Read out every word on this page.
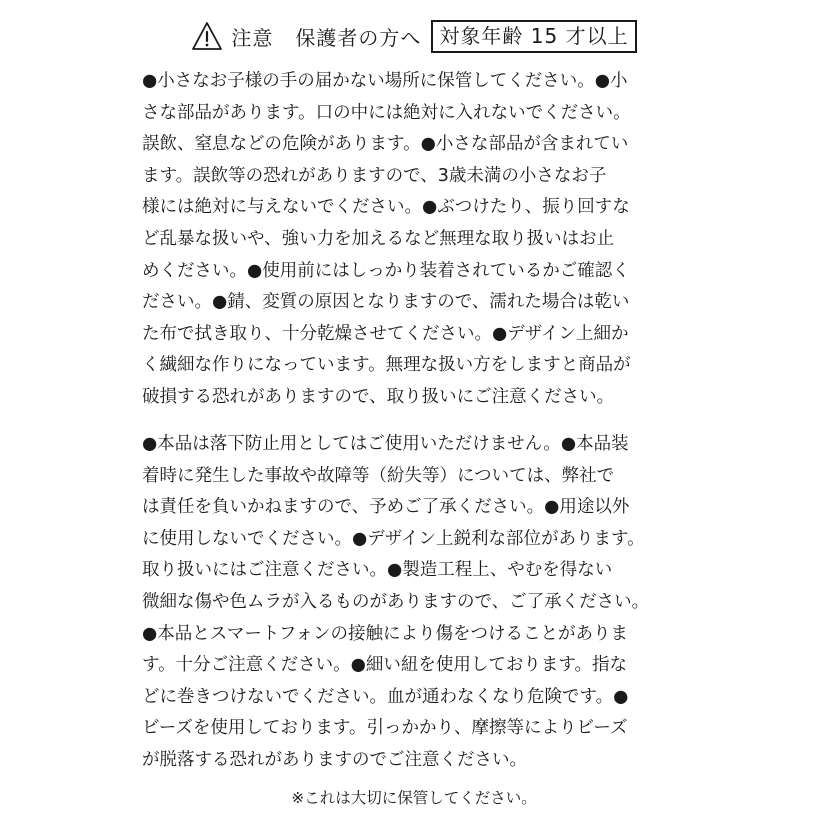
注意 保護者の方へ 対象年齢 15 才以上
●小さなお子様の手の届かない場所に保管してください。●小
さな部品があります。口の中には絶対に入れないでください。
誤飲、窒息などの危険があります。●小さな部品が含まれてい
ます。誤飲等の恐れがありますので、3歳未満の小さなお子
様には絶対に与えないでください。●ぶつけたり、振り回すな
ど乱暴な扱いや、強い力を加えるなど無理な取り扱いはお止
めください。●使用前にはしっかり装着されているかご確認く
ださい。●錆、変質の原因となりますので、濡れた場合は乾い
た布で拭き取り、十分乾燥させてください。●デザイン上細か
く繊細な作りになっています。無理な扱い方をしますと商品が
破損する恐れがありますので、取り扱いにご注意ください。
●本品は落下防止用としてはご使用いただけません。●本品装
着時に発生した事故や故障等（紛失等）については、弊社で
は責任を負いかねますので、予めご了承ください。●用途以外
に使用しないでください。●デザイン上鋭利な部位があります。
取り扱いにはご注意ください。●製造工程上、やむを得ない
微細な傷や色ムラが入るものがありますので、ご了承ください。
●本品とスマートフォンの接触により傷をつけることがありま
す。十分ご注意ください。●細い紐を使用しております。指な
どに巻きつけないでください。血が通わなくなり危険です。●
ビーズを使用しております。引っかかり、摩擦等によりビーズ
が脱落する恐れがありますのでご注意ください。
※これは大切に保管してください。
